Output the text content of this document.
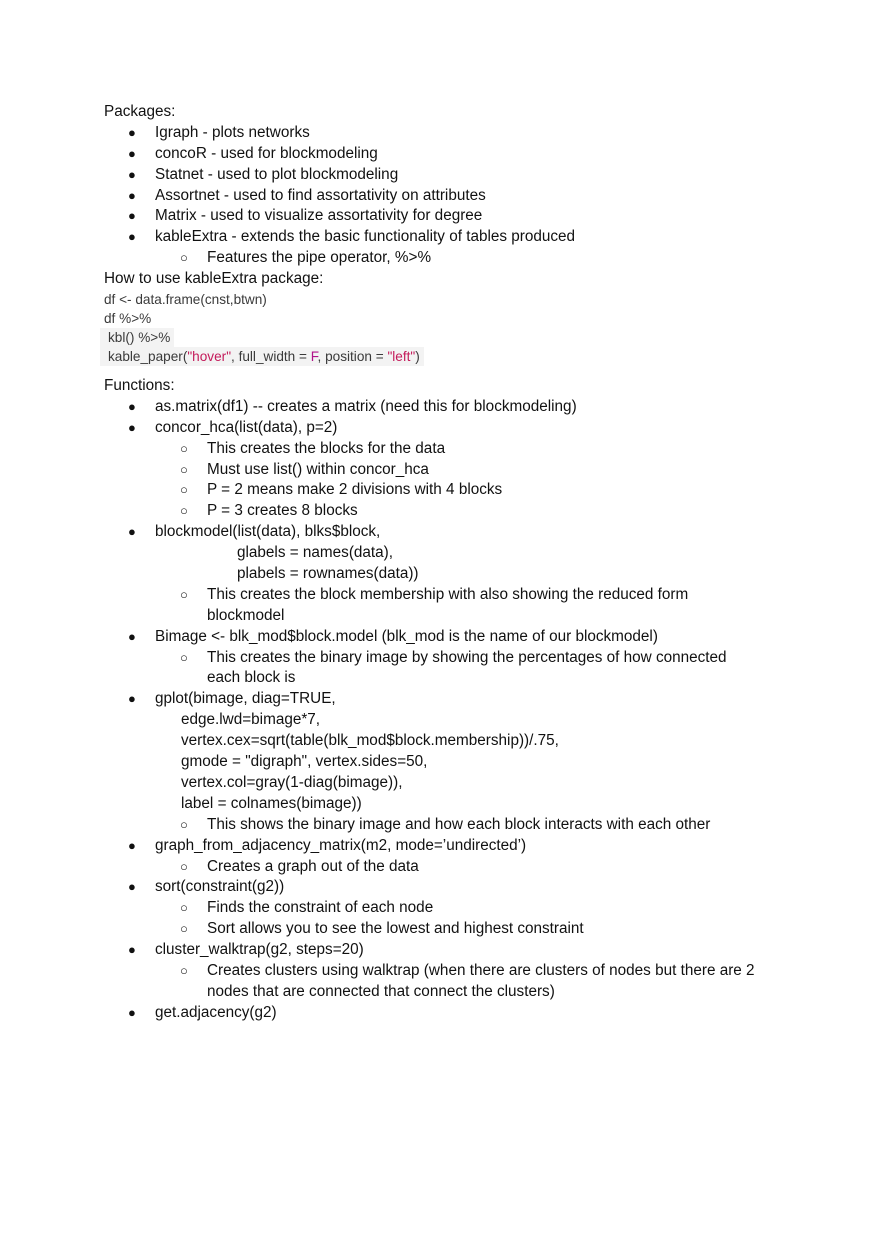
Packages:
● Igraph - plots networks
● concoR - used for blockmodeling
● Statnet - used to plot blockmodeling
● Assortnet - used to find assortativity on attributes
● Matrix - used to visualize assortativity for degree
● kableExtra - extends the basic functionality of tables produced
○ Features the pipe operator, %>%
How to use kableExtra package:
df <- data.frame(cnst,btwn)
df %>%
kbl() %>%
kable_paper("hover", full_width = F, position = "left")
Functions:
● as.matrix(df1) -- creates a matrix (need this for blockmodeling)
● concor_hca(list(data), p=2)
○ This creates the blocks for the data
○ Must use list() within concor_hca
○ P = 2 means make 2 divisions with 4 blocks
○ P = 3 creates 8 blocks
● blockmodel(list(data), blks$block,
glabels = names(data),
plabels = rownames(data))
○ This creates the block membership with also showing the reduced form
blockmodel
● Bimage <- blk_mod$block.model (blk_mod is the name of our blockmodel)
○ This creates the binary image by showing the percentages of how connected
each block is
● gplot(bimage, diag=TRUE,
edge.lwd=bimage*7,
vertex.cex=sqrt(table(blk_mod$block.membership))/.75,
gmode = "digraph", vertex.sides=50,
vertex.col=gray(1-diag(bimage)),
label = colnames(bimage))
○ This shows the binary image and how each block interacts with each other
● graph_from_adjacency_matrix(m2, mode=’undirected’)
○ Creates a graph out of the data
● sort(constraint(g2))
○ Finds the constraint of each node
○ Sort allows you to see the lowest and highest constraint
● cluster_walktrap(g2, steps=20)
○ Creates clusters using walktrap (when there are clusters of nodes but there are 2
nodes that are connected that connect the clusters)
● get.adjacency(g2)
